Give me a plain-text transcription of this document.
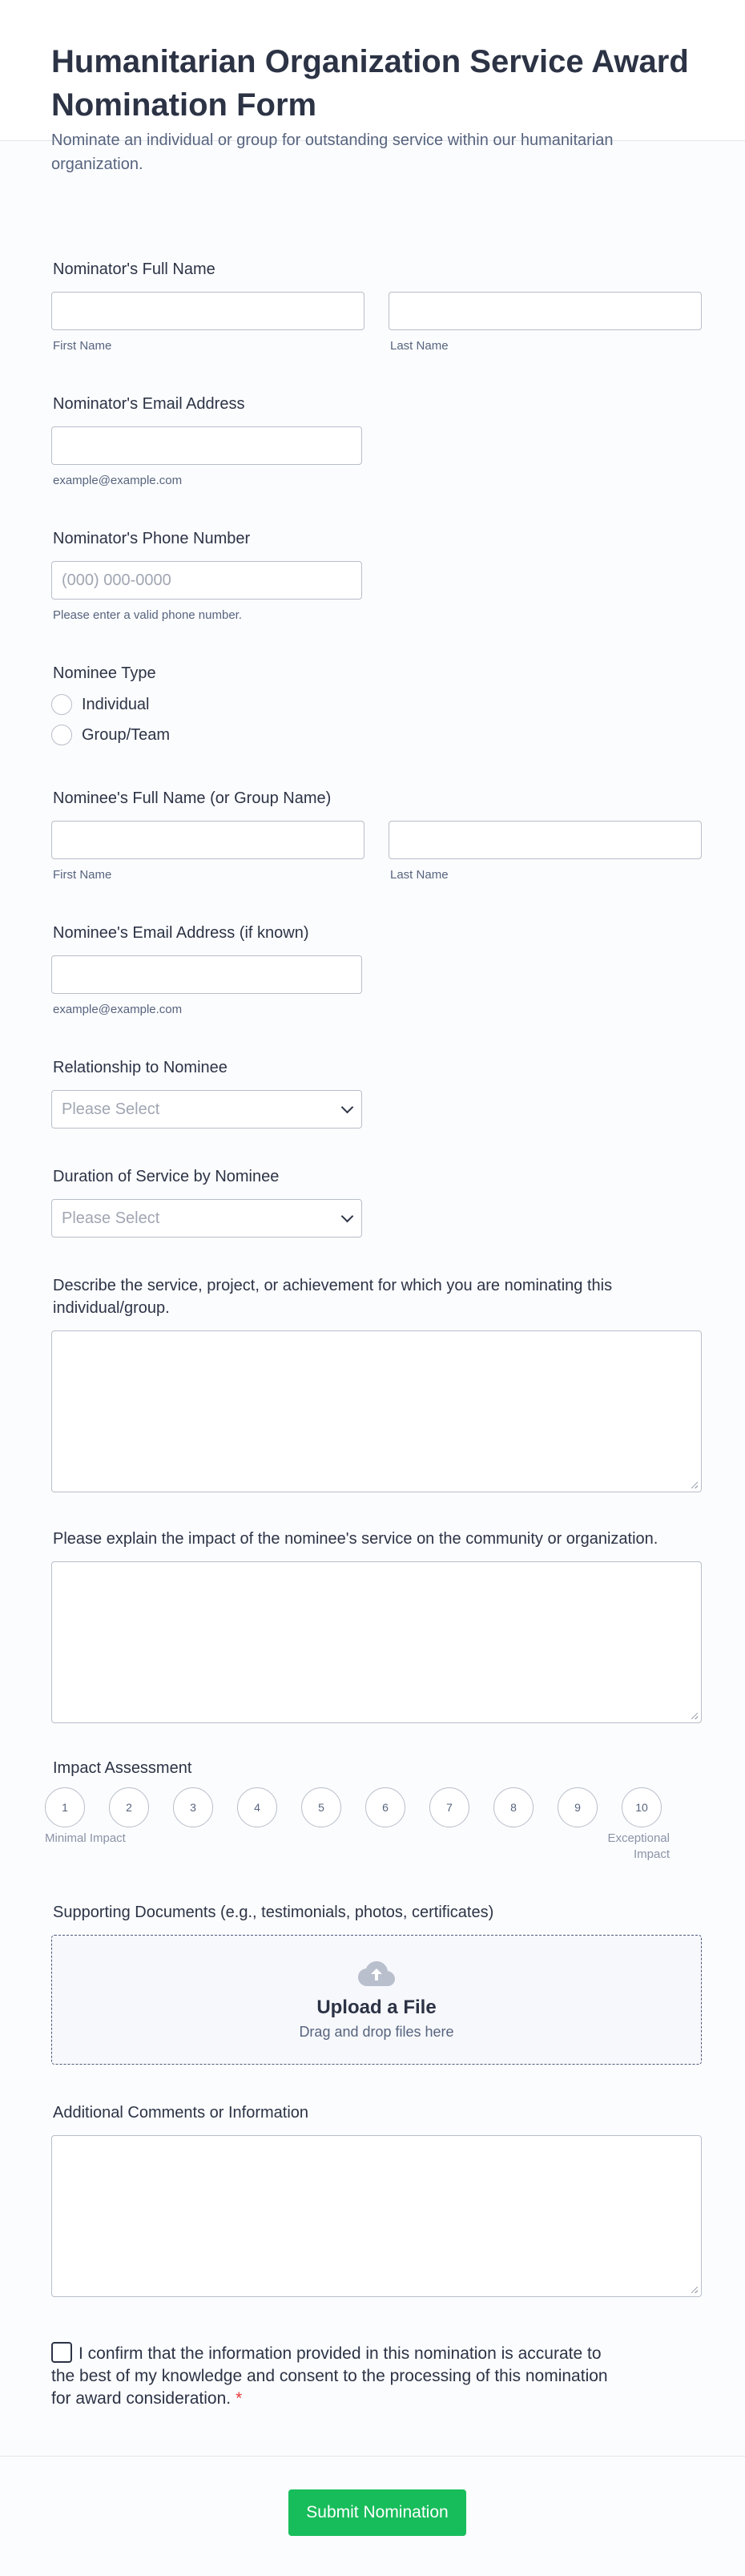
Humanitarian Organization Service Award Nomination Form

Nominate an individual or group for outstanding service within our humanitarian organization.

Nominator's Full Name
First Name	Last Name
Nominator's Email Address
example@example.com
Nominator's Phone Number
(000) 000-0000
Please enter a valid phone number.
Nominee Type
Individual
Group/Team
Nominee's Full Name (or Group Name)
First Name	Last Name
Nominee's Email Address (if known)
example@example.com
Relationship to Nominee
Please Select
Duration of Service by Nominee
Please Select
Describe the service, project, or achievement for which you are nominating this individual/group.
Please explain the impact of the nominee's service on the community or organization.
Impact Assessment
1	2	3	4	5	6	7	8	9	10
Minimal Impact	Exceptional Impact
Supporting Documents (e.g., testimonials, photos, certificates)
Upload a File
Drag and drop files here
Additional Comments or Information
I confirm that the information provided in this nomination is accurate to the best of my knowledge and consent to the processing of this nomination for award consideration. *
Submit Nomination
